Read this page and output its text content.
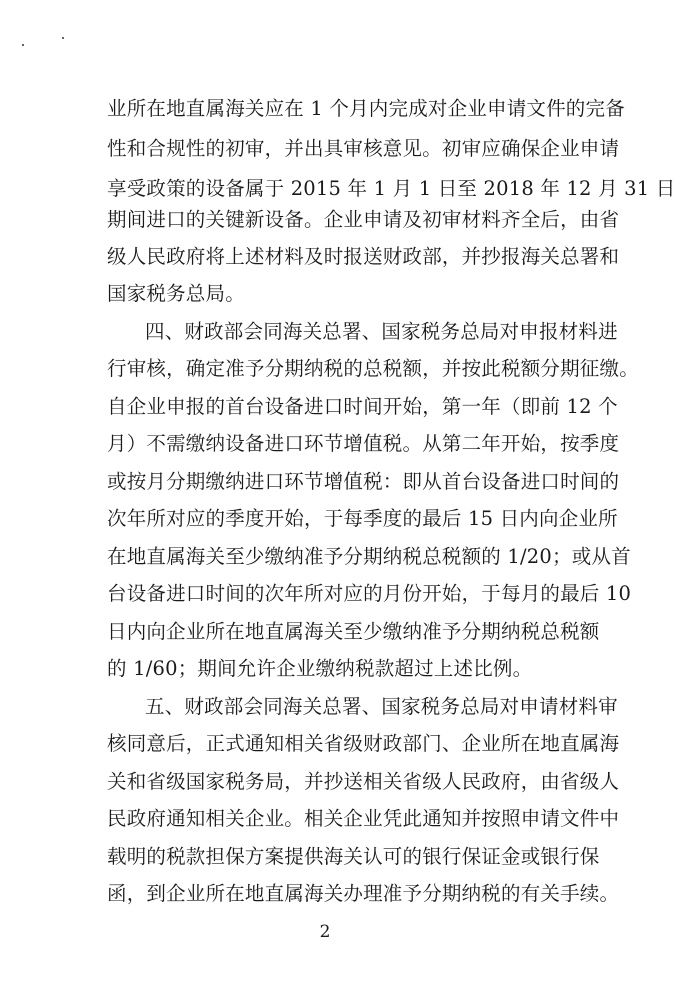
业所在地直属海关应在 1 个月内完成对企业申请文件的完备
性和合规性的初审，并出具审核意见。初审应确保企业申请
享受政策的设备属于 2015 年 1 月 1 日至 2018 年 12 月 31 日
期间进口的关键新设备。企业申请及初审材料齐全后，由省
级人民政府将上述材料及时报送财政部，并抄报海关总署和
国家税务总局。
四、财政部会同海关总署、国家税务总局对申报材料进
行审核，确定准予分期纳税的总税额，并按此税额分期征缴。
自企业申报的首台设备进口时间开始，第一年（即前 12 个
月）不需缴纳设备进口环节增值税。从第二年开始，按季度
或按月分期缴纳进口环节增值税：即从首台设备进口时间的
次年所对应的季度开始，于每季度的最后 15 日内向企业所
在地直属海关至少缴纳准予分期纳税总税额的 1/20；或从首
台设备进口时间的次年所对应的月份开始，于每月的最后 10
日内向企业所在地直属海关至少缴纳准予分期纳税总税额
的 1/60；期间允许企业缴纳税款超过上述比例。
五、财政部会同海关总署、国家税务总局对申请材料审
核同意后，正式通知相关省级财政部门、企业所在地直属海
关和省级国家税务局，并抄送相关省级人民政府，由省级人
民政府通知相关企业。相关企业凭此通知并按照申请文件中
载明的税款担保方案提供海关认可的银行保证金或银行保
函，到企业所在地直属海关办理准予分期纳税的有关手续。
2
